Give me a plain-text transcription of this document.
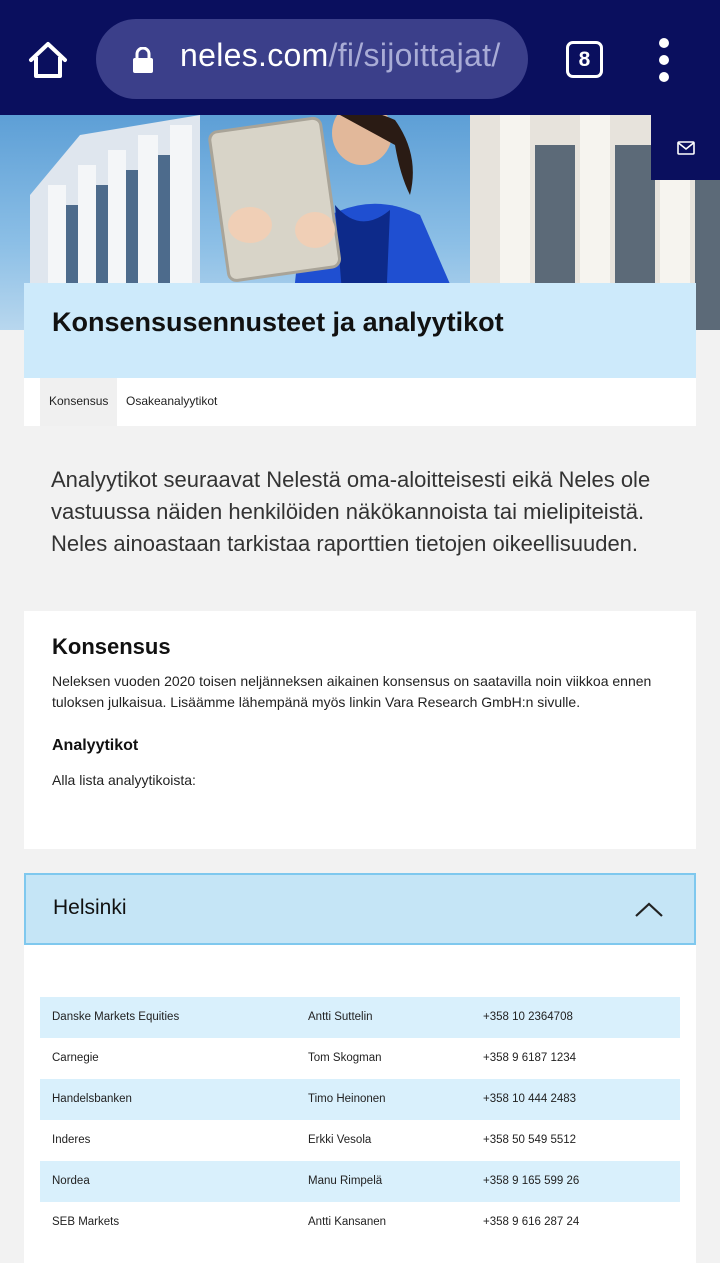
neles.com/fi/sijoittajat/	8
Konsensusennusteet ja analyytikot
Konsensus	Osakeanalyytikot

Analyytikot seuraavat Nelestä oma-aloitteisesti eikä Neles ole vastuussa näiden henkilöiden näkökannoista tai mielipiteistä. Neles ainoastaan tarkistaa raporttien tietojen oikeellisuuden.

Konsensus

Neleksen vuoden 2020 toisen neljänneksen aikainen konsensus on saatavilla noin viikkoa ennen tuloksen julkaisua. Lisäämme lähempänä myös linkin Vara Research GmbH:n sivulle.

Analyytikot

Alla lista analyytikoista:

Helsinki
Danske Markets Equities	Antti Suttelin	+358 10 2364708
Carnegie	Tom Skogman	+358 9 6187 1234
Handelsbanken	Timo Heinonen	+358 10 444 2483
Inderes	Erkki Vesola	+358 50 549 5512
Nordea	Manu Rimpelä	+358 9 165 599 26
SEB Markets	Antti Kansanen	+358 9 616 287 24
